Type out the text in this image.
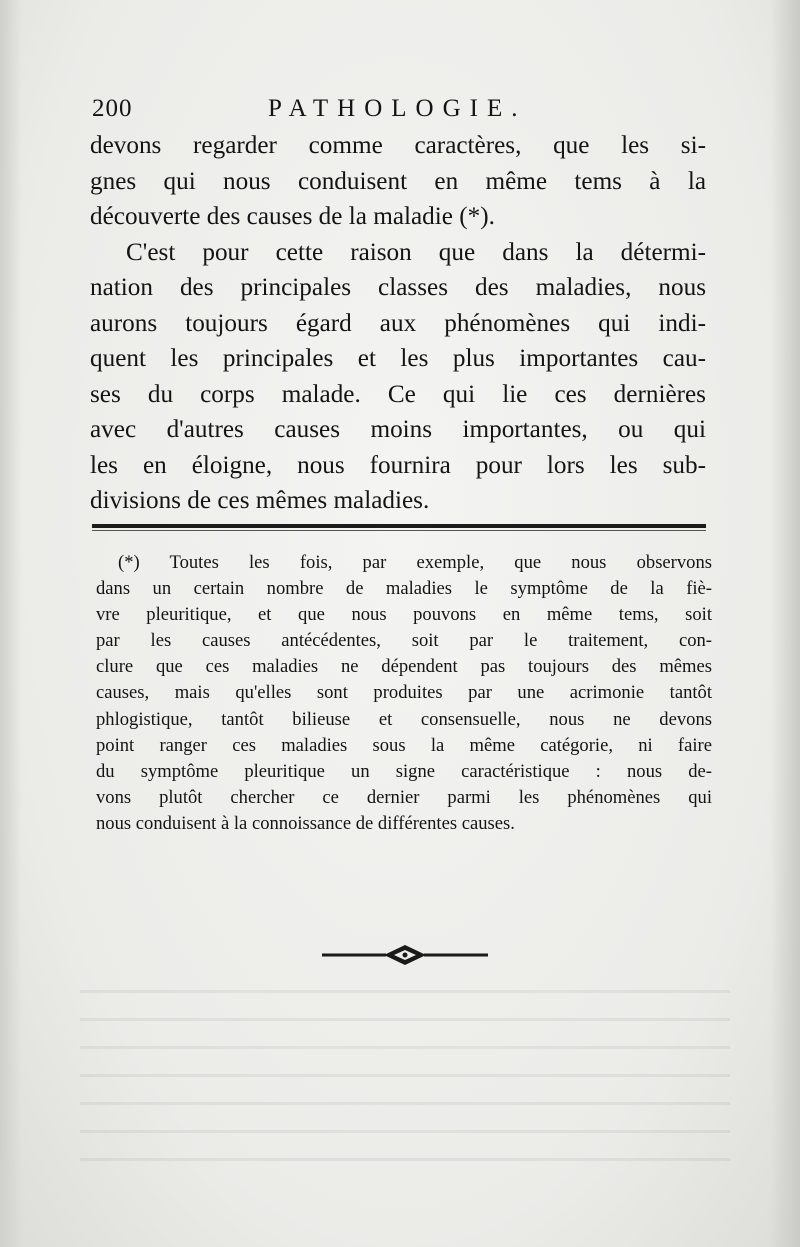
200	PATHOLOGIE.
devons regarder comme caractères, que les si-
gnes qui nous conduisent en même tems à la
découverte des causes de la maladie (*).
C'est pour cette raison que dans la détermi-
nation des principales classes des maladies, nous
aurons toujours égard aux phénomènes qui indi-
quent les principales et les plus importantes cau-
ses du corps malade. Ce qui lie ces dernières
avec d'autres causes moins importantes, ou qui
les en éloigne, nous fournira pour lors les sub-
divisions de ces mêmes maladies.
(*) Toutes les fois, par exemple, que nous observons
dans un certain nombre de maladies le symptôme de la fiè-
vre pleuritique, et que nous pouvons en même tems, soit
par les causes antécédentes, soit par le traitement, con-
clure que ces maladies ne dépendent pas toujours des mêmes
causes, mais qu'elles sont produites par une acrimonie tantôt
phlogistique, tantôt bilieuse et consensuelle, nous ne devons
point ranger ces maladies sous la même catégorie, ni faire
du symptôme pleuritique un signe caractéristique : nous de-
vons plutôt chercher ce dernier parmi les phénomènes qui
nous conduisent à la connoissance de différentes causes.
